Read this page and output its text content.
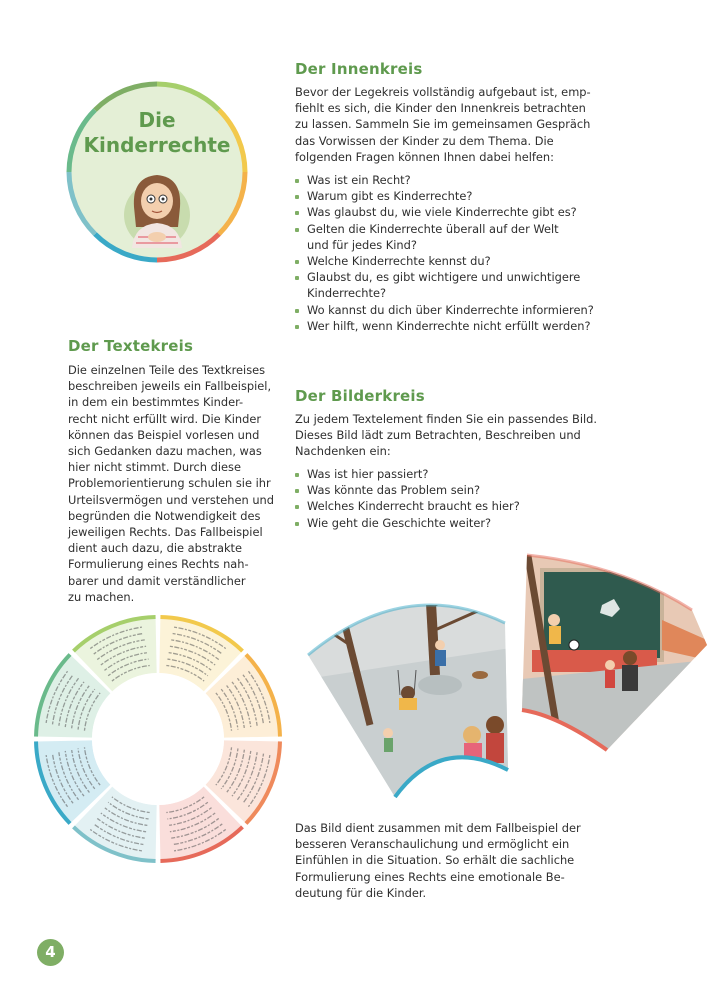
Die
Kinderrechte
Der Innenkreis
Bevor der Legekreis vollständig aufgebaut ist, emp-
fiehlt es sich, die Kinder den Innenkreis betrachten
zu lassen. Sammeln Sie im gemeinsamen Gespräch
das Vorwissen der Kinder zu dem Thema. Die
folgenden Fragen können Ihnen dabei helfen:
Was ist ein Recht?
Warum gibt es Kinderrechte?
Was glaubst du, wie viele Kinderrechte gibt es?
Gelten die Kinderrechte überall auf der Welt
und für jedes Kind?
Welche Kinderrechte kennst du?
Glaubst du, es gibt wichtigere und unwichtigere
Kinderrechte?
Wo kannst du dich über Kinderrechte informieren?
Wer hilft, wenn Kinderrechte nicht erfüllt werden?
Der Textekreis
Die einzelnen Teile des Textkreises
beschreiben jeweils ein Fallbeispiel,
in dem ein bestimmtes Kinder-
recht nicht erfüllt wird. Die Kinder
können das Beispiel vorlesen und
sich Gedanken dazu machen, was
hier nicht stimmt. Durch diese
Problemorientierung schulen sie ihr
Urteilsvermögen und verstehen und
begründen die Notwendigkeit des
jeweiligen Rechts. Das Fallbeispiel
dient auch dazu, die abstrakte
Formulierung eines Rechts nah-
barer und damit verständlicher
zu machen.
Der Bilderkreis
Zu jedem Textelement finden Sie ein passendes Bild.
Dieses Bild lädt zum Betrachten, Beschreiben und
Nachdenken ein:
Was ist hier passiert?
Was könnte das Problem sein?
Welches Kinderrecht braucht es hier?
Wie geht die Geschichte weiter?
Das Bild dient zusammen mit dem Fallbeispiel der
besseren Veranschaulichung und ermöglicht ein
Einfühlen in die Situation. So erhält die sachliche
Formulierung eines Rechts eine emotionale Be-
deutung für die Kinder.
4
